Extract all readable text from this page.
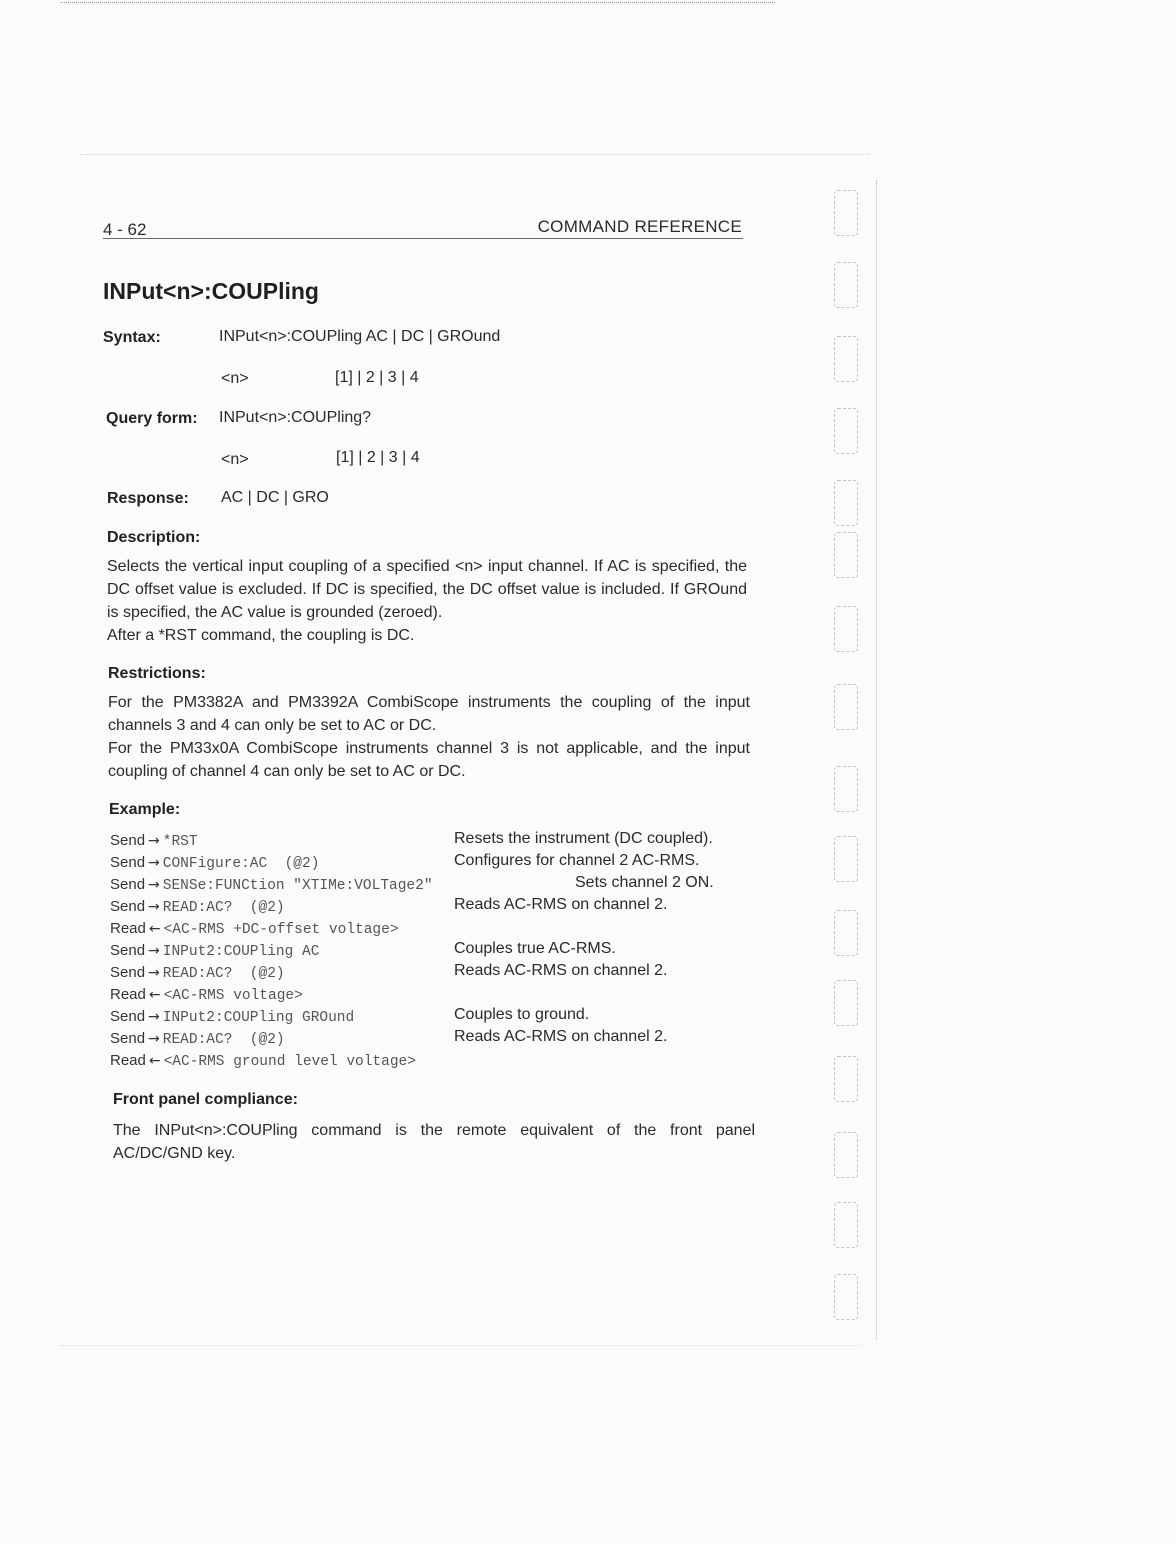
4 - 62	COMMAND REFERENCE
INPut<n>:COUPling
Syntax:	INPut<n>:COUPling AC | DC | GROund
<n>	[1] | 2 | 3 | 4
Query form: INPut<n>:COUPling?
<n>	[1] | 2 | 3 | 4
Response: AC | DC | GRO
Description:

Selects the vertical input coupling of a specified <n> input channel. If AC is specified, the DC offset value is excluded. If DC is specified, the DC offset value is included. If GROund is specified, the AC value is grounded (zeroed).

After a *RST command, the coupling is DC.

Restrictions:

For the PM3382A and PM3392A CombiScope instruments the coupling of the input channels 3 and 4 can only be set to AC or DC.

For the PM33x0A CombiScope instruments channel 3 is not applicable, and the input coupling of channel 4 can only be set to AC or DC.

Example:
Send → *RST	Resets the instrument (DC coupled).
Send → CONFigure:AC  (@2)	Configures for channel 2 AC-RMS.
Send → SENSe:FUNCtion "XTIMe:VOLTage2"	Sets channel 2 ON.
Send → READ:AC?  (@2)	Reads AC-RMS on channel 2.
Read ← <AC-RMS +DC-offset voltage>
Send → INPut2:COUPling AC	Couples true AC-RMS.
Send → READ:AC?  (@2)	Reads AC-RMS on channel 2.
Read ← <AC-RMS voltage>
Send → INPut2:COUPling GROund	Couples to ground.
Send → READ:AC?  (@2)	Reads AC-RMS on channel 2.
Read ← <AC-RMS ground level voltage>
Front panel compliance:

The INPut<n>:COUPling command is the remote equivalent of the front panel AC/DC/GND key.
